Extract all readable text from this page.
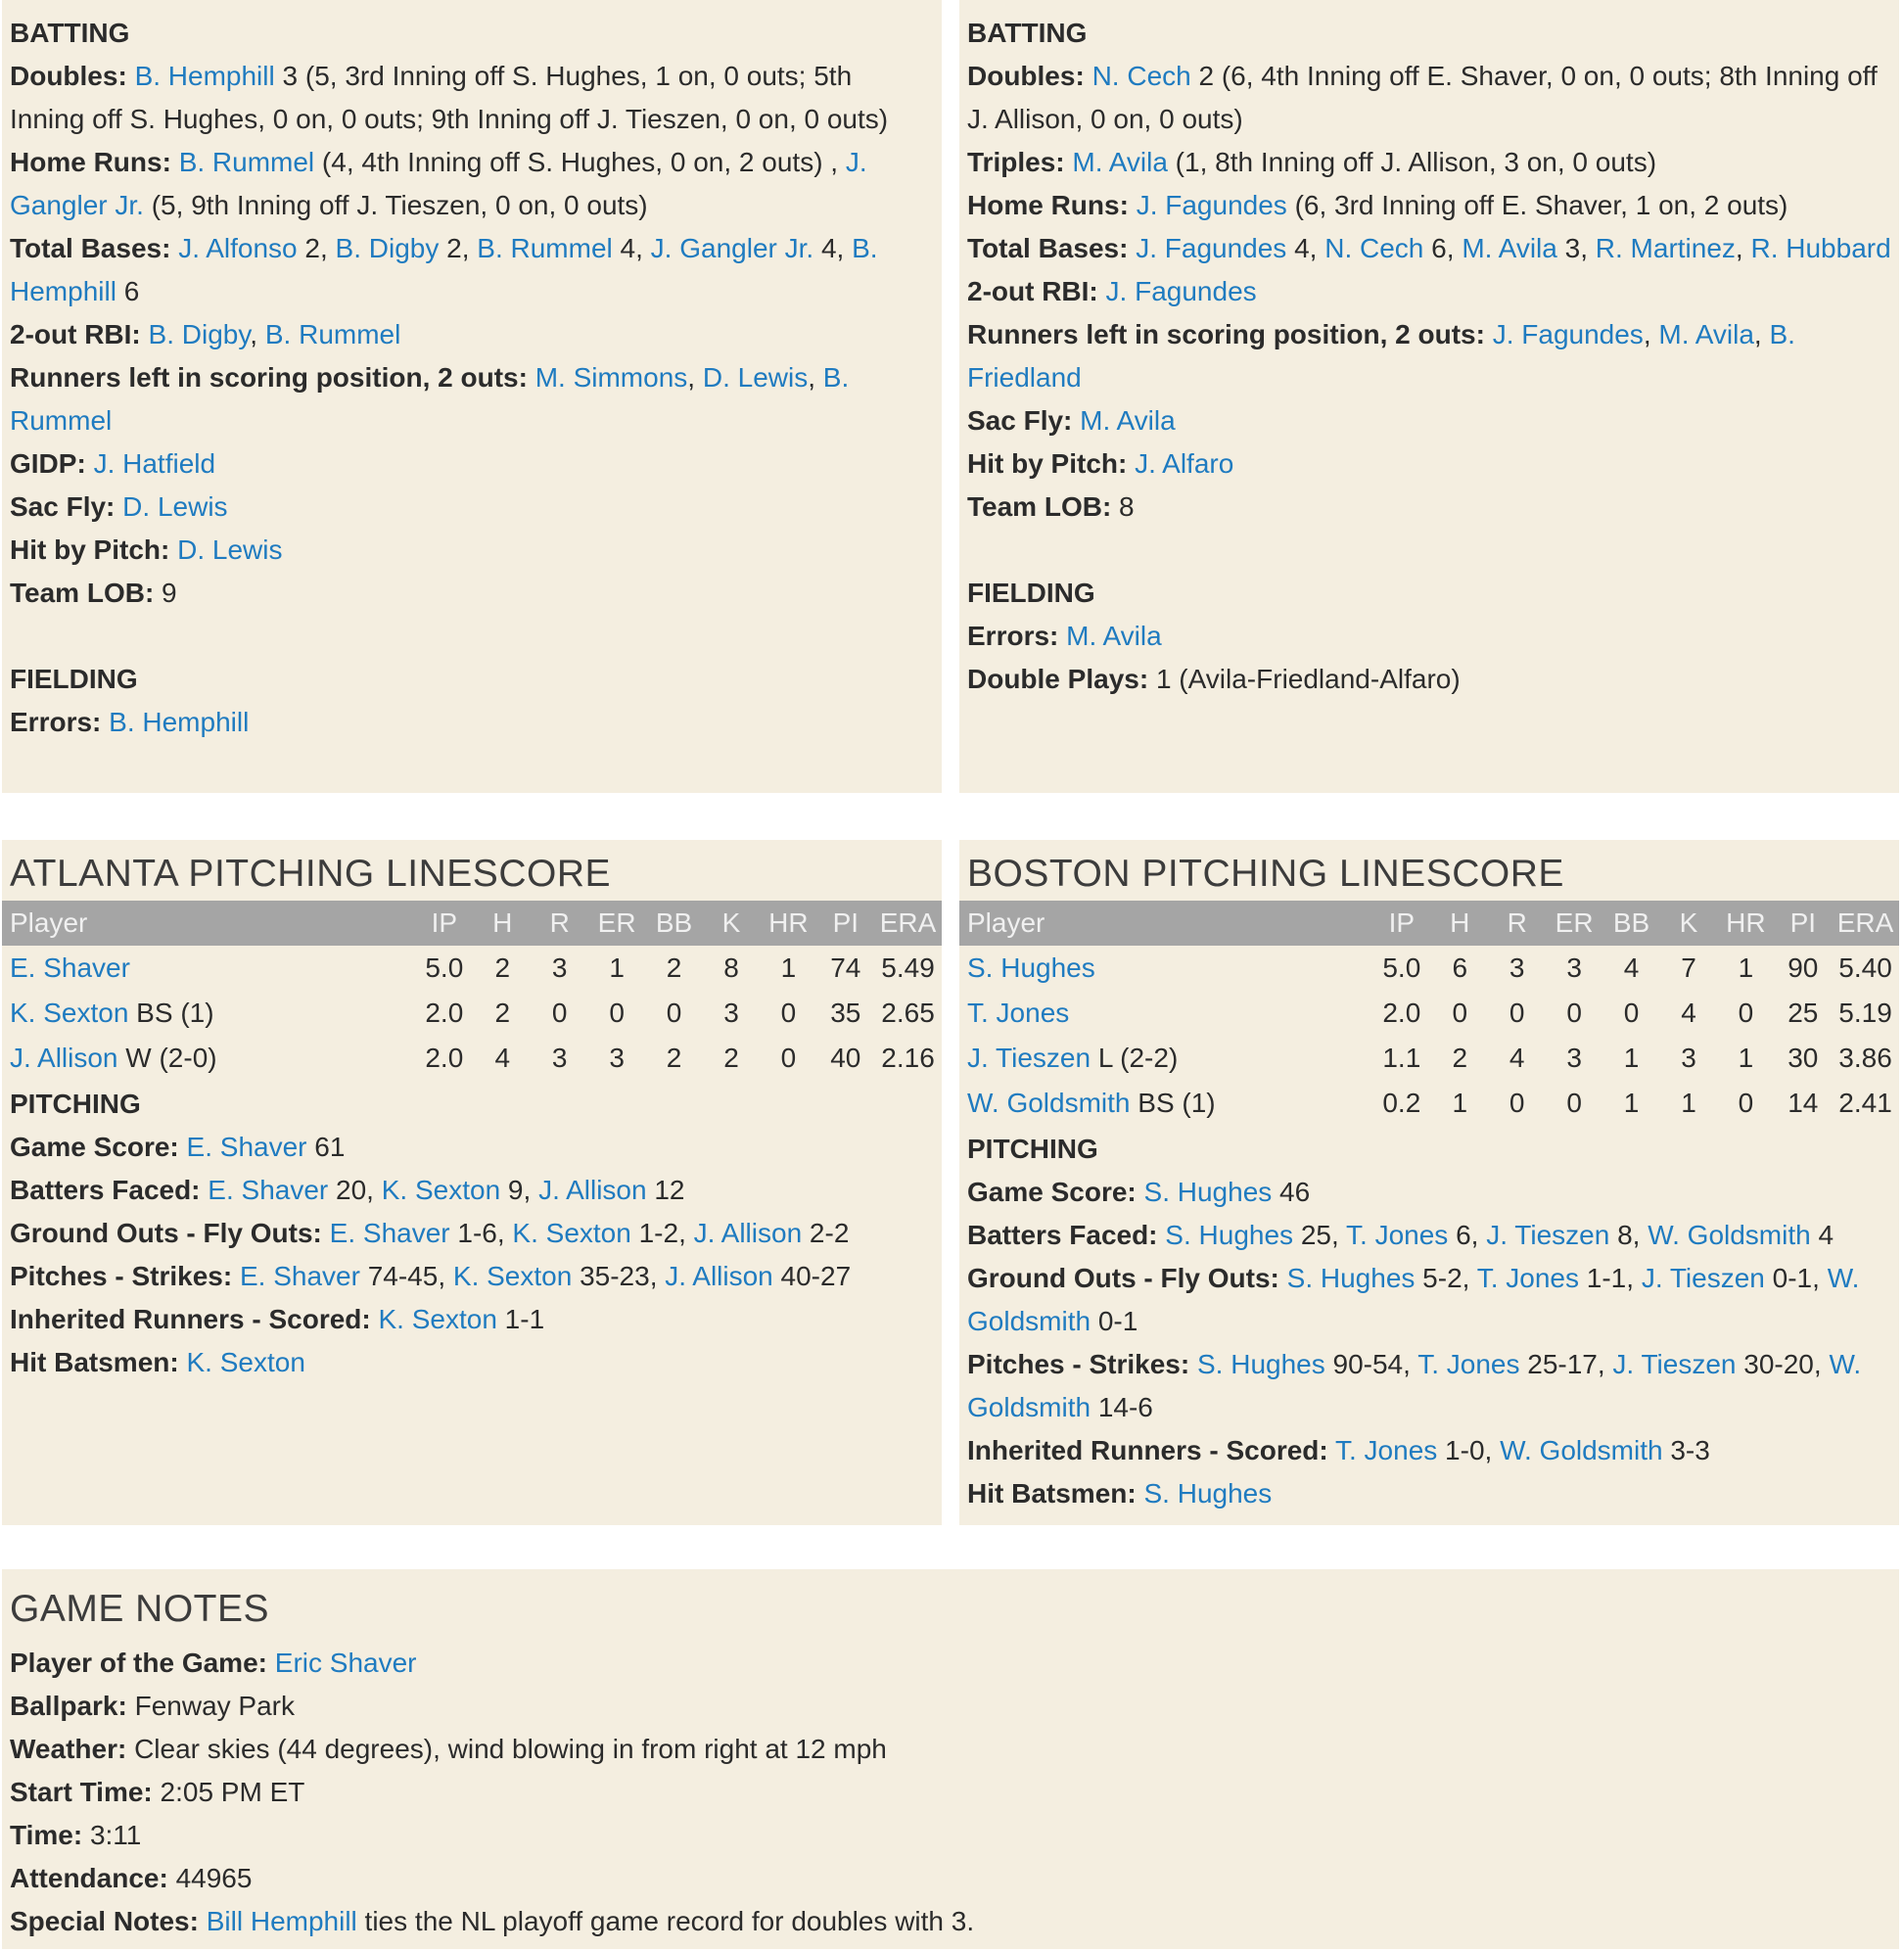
BATTING

Doubles: B. Hemphill 3 (5, 3rd Inning off S. Hughes, 1 on, 0 outs; 5th Inning off S. Hughes, 0 on, 0 outs; 9th Inning off J. Tieszen, 0 on, 0 outs)

Home Runs: B. Rummel (4, 4th Inning off S. Hughes, 0 on, 2 outs) , J. Gangler Jr. (5, 9th Inning off J. Tieszen, 0 on, 0 outs)

Total Bases: J. Alfonso 2, B. Digby 2, B. Rummel 4, J. Gangler Jr. 4, B. Hemphill 6

2-out RBI: B. Digby, B. Rummel

Runners left in scoring position, 2 outs: M. Simmons, D. Lewis, B. Rummel

GIDP: J. Hatfield

Sac Fly: D. Lewis

Hit by Pitch: D. Lewis

Team LOB: 9

FIELDING

Errors: B. Hemphill

BATTING

Doubles: N. Cech 2 (6, 4th Inning off E. Shaver, 0 on, 0 outs; 8th Inning off J. Allison, 0 on, 0 outs)

Triples: M. Avila (1, 8th Inning off J. Allison, 3 on, 0 outs)

Home Runs: J. Fagundes (6, 3rd Inning off E. Shaver, 1 on, 2 outs)

Total Bases: J. Fagundes 4, N. Cech 6, M. Avila 3, R. Martinez, R. Hubbard

2-out RBI: J. Fagundes

Runners left in scoring position, 2 outs: J. Fagundes, M. Avila, B. Friedland

Sac Fly: M. Avila

Hit by Pitch: J. Alfaro

Team LOB: 8

FIELDING

Errors: M. Avila

Double Plays: 1 (Avila-Friedland-Alfaro)

ATLANTA PITCHING LINESCORE
Player	IP	H	R	ER	BB	K	HR	PI	ERA
E. Shaver	5.0	2	3	1	2	8	1	74	5.49
K. Sexton BS (1)	2.0	2	0	0	0	3	0	35	2.65
J. Allison W (2-0)	2.0	4	3	3	2	2	0	40	2.16

PITCHING

Game Score: E. Shaver 61

Batters Faced: E. Shaver 20, K. Sexton 9, J. Allison 12

Ground Outs - Fly Outs: E. Shaver 1-6, K. Sexton 1-2, J. Allison 2-2

Pitches - Strikes: E. Shaver 74-45, K. Sexton 35-23, J. Allison 40-27

Inherited Runners - Scored: K. Sexton 1-1

Hit Batsmen: K. Sexton

BOSTON PITCHING LINESCORE
Player	IP	H	R	ER	BB	K	HR	PI	ERA
S. Hughes	5.0	6	3	3	4	7	1	90	5.40
T. Jones	2.0	0	0	0	0	4	0	25	5.19
J. Tieszen L (2-2)	1.1	2	4	3	1	3	1	30	3.86
W. Goldsmith BS (1)	0.2	1	0	0	1	1	0	14	2.41

PITCHING

Game Score: S. Hughes 46

Batters Faced: S. Hughes 25, T. Jones 6, J. Tieszen 8, W. Goldsmith 4

Ground Outs - Fly Outs: S. Hughes 5-2, T. Jones 1-1, J. Tieszen 0-1, W. Goldsmith 0-1

Pitches - Strikes: S. Hughes 90-54, T. Jones 25-17, J. Tieszen 30-20, W. Goldsmith 14-6

Inherited Runners - Scored: T. Jones 1-0, W. Goldsmith 3-3

Hit Batsmen: S. Hughes

GAME NOTES

Player of the Game: Eric Shaver

Ballpark: Fenway Park

Weather: Clear skies (44 degrees), wind blowing in from right at 12 mph

Start Time: 2:05 PM ET

Time: 3:11

Attendance: 44965

Special Notes: Bill Hemphill ties the NL playoff game record for doubles with 3.
